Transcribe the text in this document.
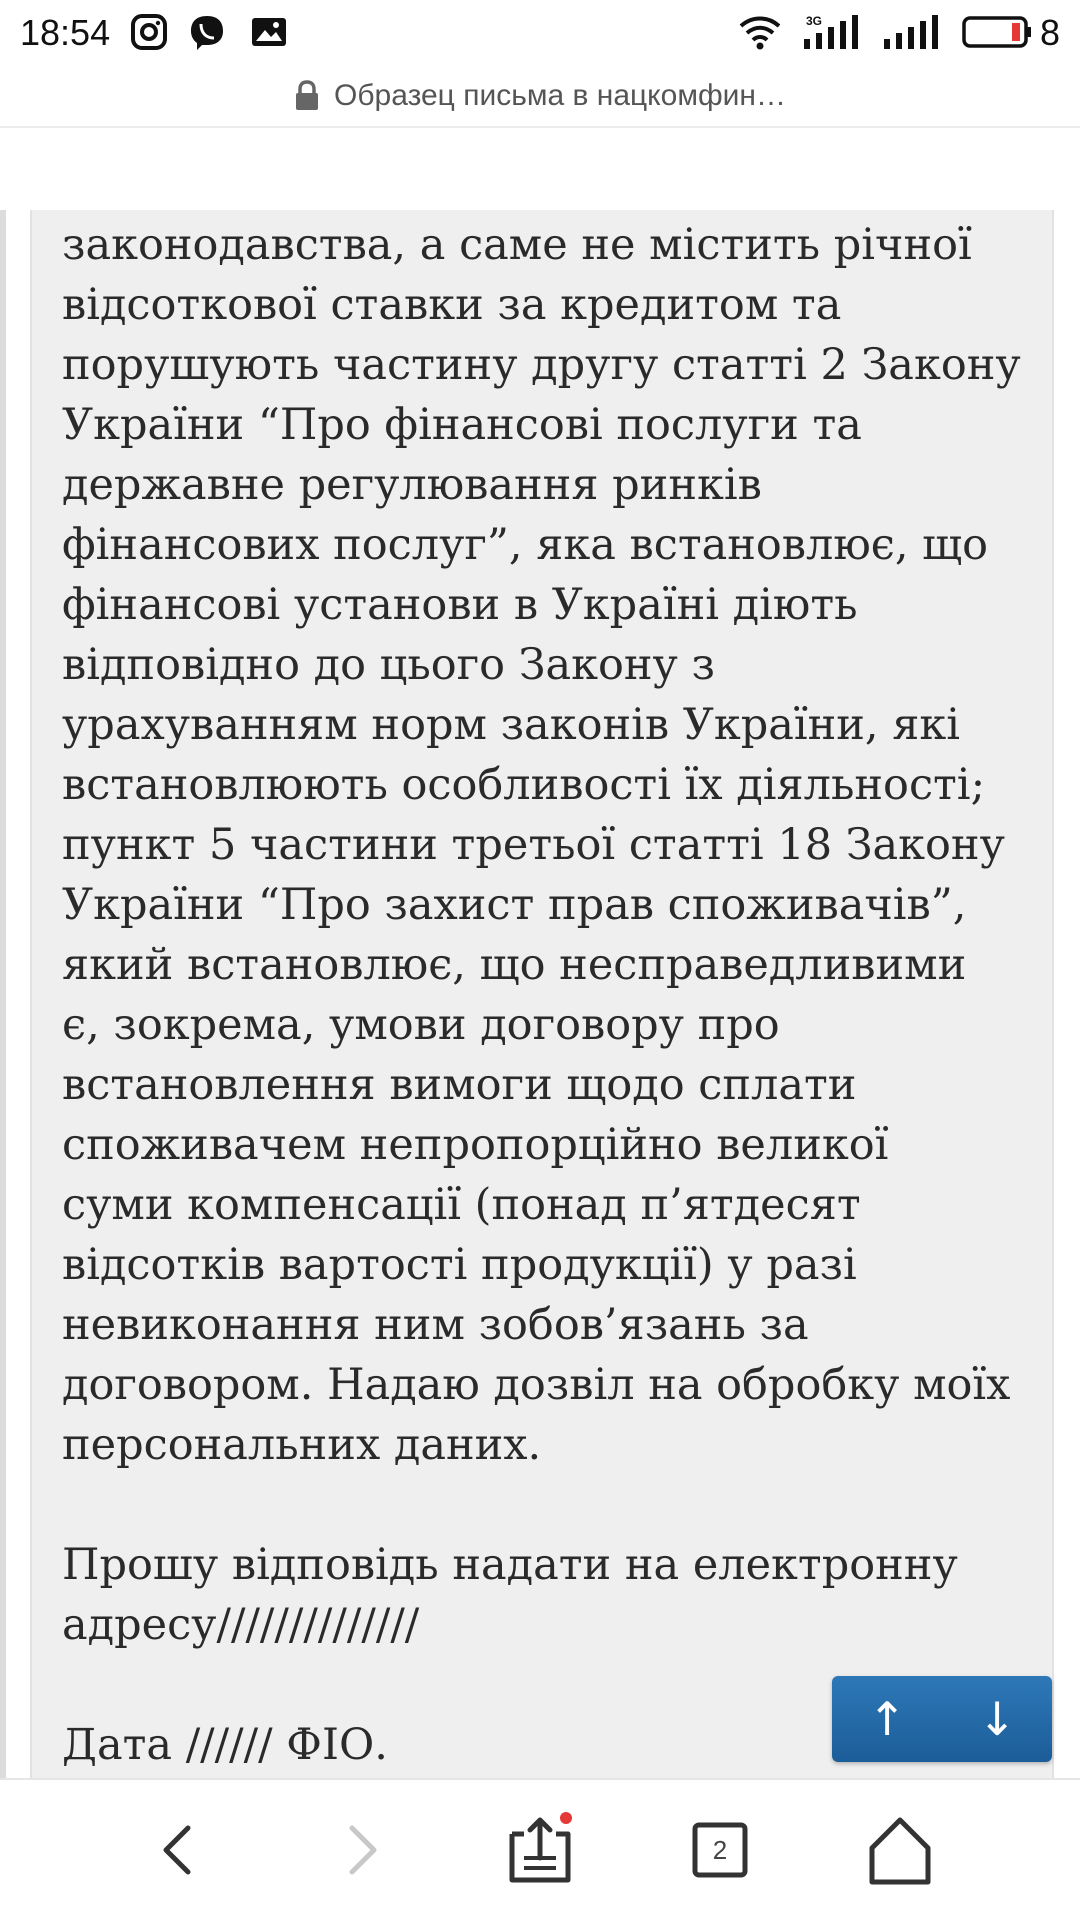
18:54	3G	8
Образец письма в нацкомфин…

законодавства, а саме не містить річної
відсоткової ставки за кредитом та
порушують частину другу статті 2 Закону
України “Про фінансові послуги та
державне регулювання ринків
фінансових послуг”, яка встановлює, що
фінансові установи в Україні діють
відповідно до цього Закону з
урахуванням норм законів України, які
встановлюють особливості їх діяльності;
пункт 5 частини третьої статті 18 Закону
України “Про захист прав споживачів”,
який встановлює, що несправедливими
є, зокрема, умови договору про
встановлення вимоги щодо сплати
споживачем непропорційно великої
суми компенсації (понад п’ятдесят
відсотків вартості продукції) у разі
невиконання ним зобов’язань за
договором. Надаю дозвіл на обробку моїх
персональних даних.

Прошу відповідь надати на електронну
адресу//////////////

Дата ////// ФІО.	↑	↓
2
